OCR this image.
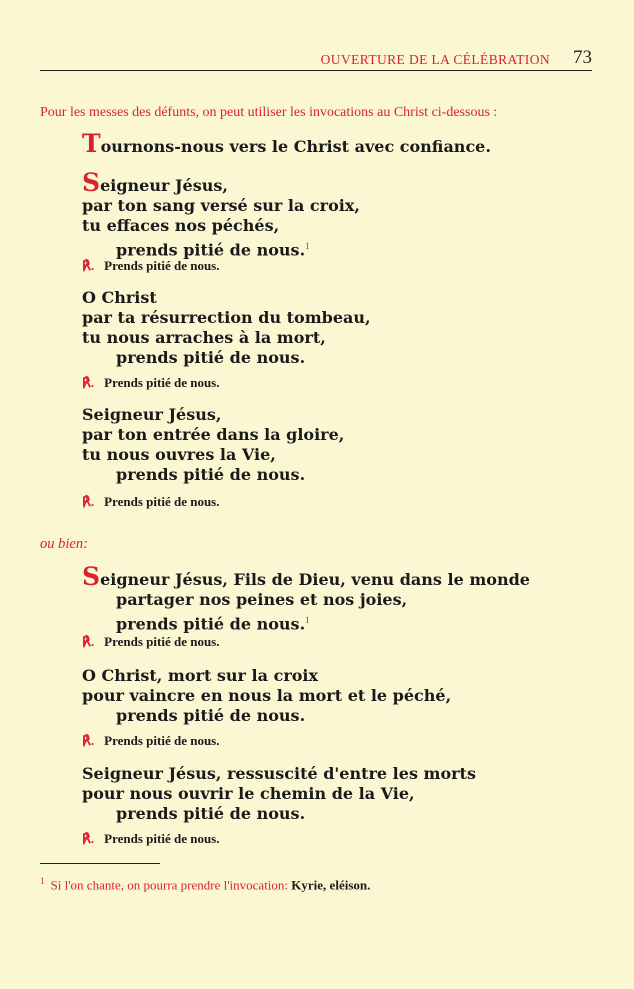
OUVERTURE DE LA CÉLÉBRATION 73
Pour les messes des défunts, on peut utiliser les invocations au Christ ci-dessous :
Tournons-nous vers le Christ avec confiance.
Seigneur Jésus,
par ton sang versé sur la croix,
tu effaces nos péchés,
prends pitié de nous.$^1$
℟. Prends pitié de nous.
O Christ
par ta résurrection du tombeau,
tu nous arraches à la mort,
prends pitié de nous.
℟. Prends pitié de nous.
Seigneur Jésus,
par ton entrée dans la gloire,
tu nous ouvres la Vie,
prends pitié de nous.
℟. Prends pitié de nous.
ou bien:
Seigneur Jésus, Fils de Dieu, venu dans le monde
partager nos peines et nos joies,
prends pitié de nous.$^1$
℟. Prends pitié de nous.
O Christ, mort sur la croix
pour vaincre en nous la mort et le péché,
prends pitié de nous.
℟. Prends pitié de nous.
Seigneur Jésus, ressuscité d'entre les morts
pour nous ouvrir le chemin de la Vie,
prends pitié de nous.
℟. Prends pitié de nous.
$^1$ Si l'on chante, on pourra prendre l'invocation: Kyrie, eléison.
